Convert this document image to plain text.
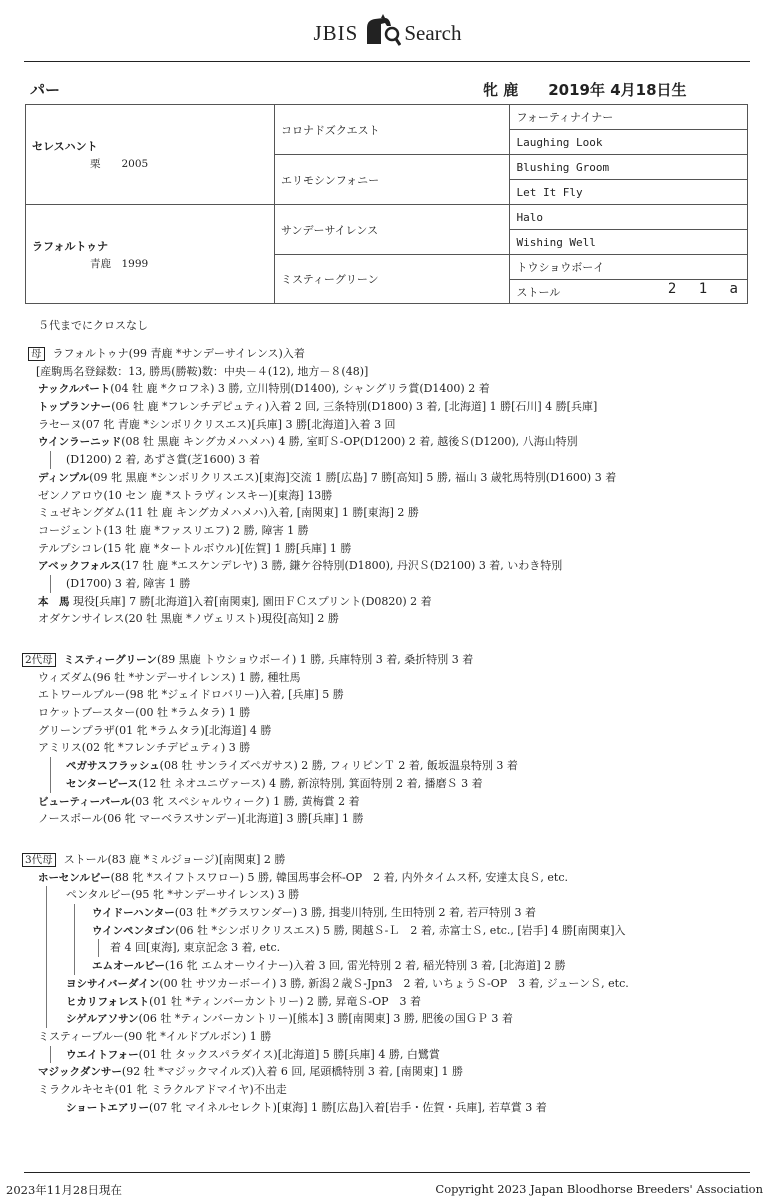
JBIS Search
パー	牝 鹿　　 2019年 4月18日生
セレスハント
栗　　2005	コロナドズクエスト	フォーティナイナー
		Laughing Look
	エリモシンフォニー	Blushing Groom
		Let It Fly

ラフォルトゥナ
青鹿　1999	サンデーサイレンス	Halo
		Wishing Well
	ミスティーグリーン	トウショウボーイ
		ストール 2 1 a
５代までにクロスなし
母 ラフォルトゥナ(99 青鹿 *サンデーサイレンス)入着
[産駒馬名登録数：13, 勝馬(勝鞍)数：中央－４(12), 地方－８(48)]
ナックルパート(04 牡 鹿 *クロフネ) 3 勝, 立川特別(D1400), シャングリラ賞(D1400) 2 着
トップランナー(06 牡 鹿 *フレンチデピュティ)入着 2 回, 三条特別(D1800) 3 着, [北海道] 1 勝[石川] 4 勝[兵庫]
ラセーヌ(07 牝 青鹿 *シンボリクリスエス)[兵庫] 3 勝[北海道]入着 3 回
ウインラーニッド(08 牡 黒鹿 キングカメハメハ) 4 勝, 室町Ｓ-OP(D1200) 2 着, 越後Ｓ(D1200), 八海山特別
(D1200) 2 着, あずさ賞(芝1600) 3 着
ディンプル(09 牝 黒鹿 *シンボリクリスエス)[東海]交流 1 勝[広島] 7 勝[高知] 5 勝, 福山 3 歳牝馬特別(D1600) 3 着
ゼンノアロウ(10 セン 鹿 *ストラヴィンスキー)[東海] 13勝
ミュゼキングダム(11 牡 鹿 キングカメハメハ)入着, [南関東] 1 勝[東海] 2 勝
コージェント(13 牡 鹿 *ファスリエフ) 2 勝, 障害 1 勝
テルプシコレ(15 牝 鹿 *タートルボウル)[佐賀] 1 勝[兵庫] 1 勝
アベックフォルス(17 牡 鹿 *エスケンデレヤ) 3 勝, 鎌ケ谷特別(D1800), 丹沢Ｓ(D2100) 3 着, いわき特別
(D1700) 3 着, 障害 1 勝
本　馬 現役[兵庫] 7 勝[北海道]入着[南関東], 園田ＦＣスプリント(D0820) 2 着
オダケンサイレス(20 牡 黒鹿 *ノヴェリスト)現役[高知] 2 勝
2代母 ミスティーグリーン(89 黒鹿 トウショウボーイ) 1 勝, 兵庫特別 3 着, 桑折特別 3 着
ウィズダム(96 牡 *サンデーサイレンス) 1 勝, 種牡馬
エトワールブルー(98 牝 *ジェイドロバリー)入着, [兵庫] 5 勝
ロケットブースター(00 牡 *ラムタラ) 1 勝
グリーンプラザ(01 牝 *ラムタラ)[北海道] 4 勝
アミリス(02 牝 *フレンチデピュティ) 3 勝
ペガサスフラッシュ(08 牡 サンライズペガサス) 2 勝, フィリピンＴ 2 着, 飯坂温泉特別 3 着
センターピース(12 牡 ネオユニヴァース) 4 勝, 新涼特別, 箕面特別 2 着, 播磨Ｓ 3 着
ビューティーパール(03 牝 スペシャルウィーク) 1 勝, 黄梅賞 2 着
ノースポール(06 牝 マーベラスサンデー)[北海道] 3 勝[兵庫] 1 勝
3代母 ストール(83 鹿 *ミルジョージ)[南関東] 2 勝
ホーセンルビー(88 牝 *スイフトスワロー) 5 勝, 韓国馬事会杯-OP　2 着, 内外タイムス杯, 安達太良Ｓ, etc.
ペンタルビー(95 牝 *サンデーサイレンス) 3 勝
ウイドーハンター(03 牡 *グラスワンダー) 3 勝, 揖斐川特別, 生田特別 2 着, 若戸特別 3 着
ウインペンタゴン(06 牡 *シンボリクリスエス) 5 勝, 関越Ｓ-Ｌ　2 着, 赤富士Ｓ, etc., [岩手] 4 勝[南関東]入
着 4 回[東海], 東京記念 3 着, etc.
エムオールビー(16 牝 エムオーウイナー)入着 3 回, 雷光特別 2 着, 稲光特別 3 着, [北海道] 2 勝
ヨシサイバーダイン(00 牡 サツカーボーイ) 3 勝, 新潟２歳Ｓ-Jpn3　2 着, いちょうＳ-OP　3 着, ジューンＳ, etc.
ヒカリフォレスト(01 牡 *ティンバーカントリー) 2 勝, 昇竜Ｓ-OP　3 着
シゲルアソサン(06 牡 *ティンバーカントリー)[熊本] 3 勝[南関東] 3 勝, 肥後の国ＧＰ 3 着
ミスティーブルー(90 牝 *イルドブルボン) 1 勝
ウエイトフォー(01 牡 タックスパラダイス)[北海道] 5 勝[兵庫] 4 勝, 白鷺賞
マジックダンサー(92 牡 *マジックマイルズ)入着 6 回, 尾頭橋特別 3 着, [南関東] 1 勝
ミラクルキセキ(01 牝 ミラクルアドマイヤ)不出走
ショートエアリー(07 牝 マイネルセレクト)[東海] 1 勝[広島]入着[岩手・佐賀・兵庫], 若草賞 3 着
2023年11月28日現在	Copyright 2023 Japan Bloodhorse Breeders' Association
